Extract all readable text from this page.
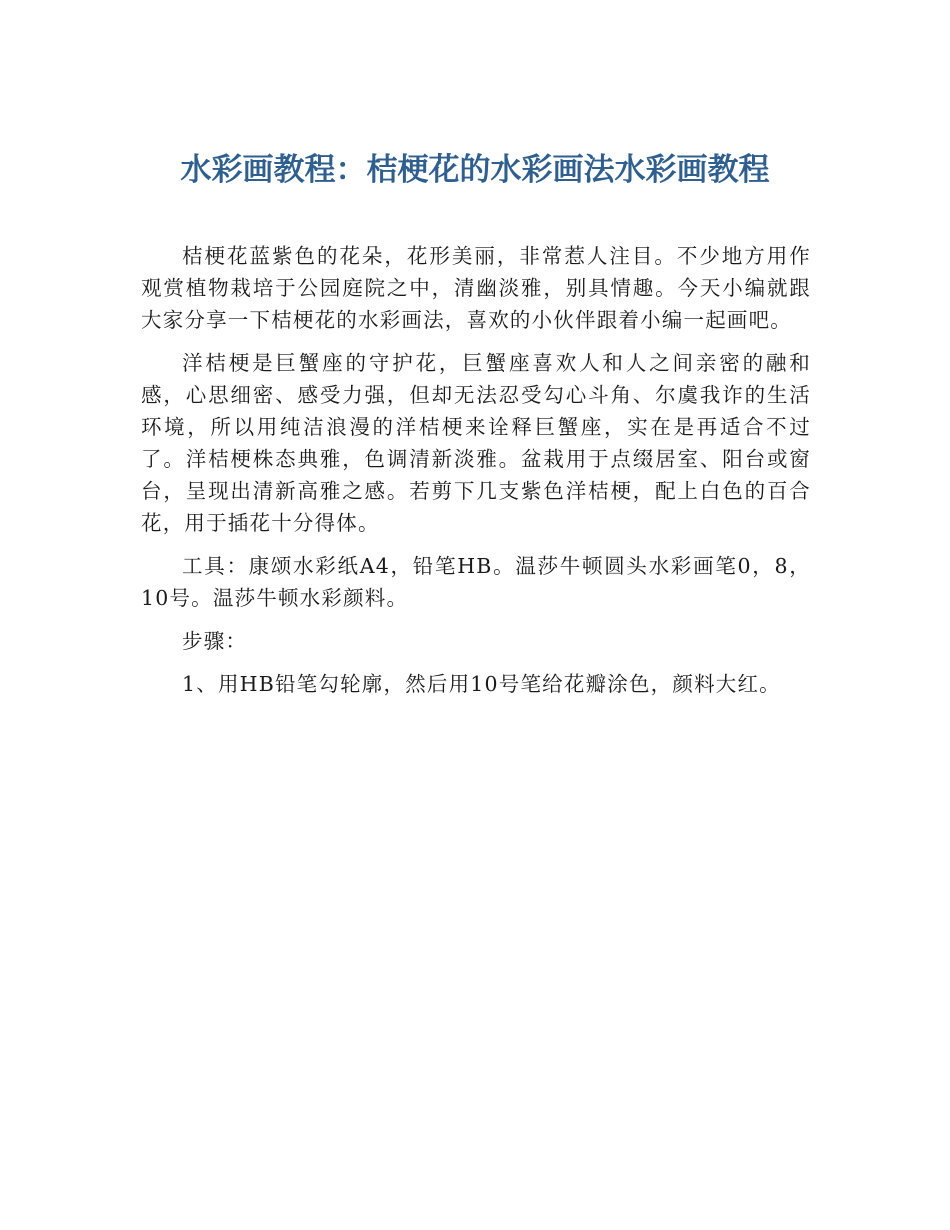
水彩画教程：桔梗花的水彩画法水彩画教程

桔梗花蓝紫色的花朵，花形美丽，非常惹人注目。不少地方用作观赏植物栽培于公园庭院之中，清幽淡雅，别具情趣。今天小编就跟大家分享一下桔梗花的水彩画法，喜欢的小伙伴跟着小编一起画吧。

洋桔梗是巨蟹座的守护花，巨蟹座喜欢人和人之间亲密的融和感，心思细密、感受力强，但却无法忍受勾心斗角、尔虞我诈的生活环境，所以用纯洁浪漫的洋桔梗来诠释巨蟹座，实在是再适合不过了。洋桔梗株态典雅，色调清新淡雅。盆栽用于点缀居室、阳台或窗台，呈现出清新高雅之感。若剪下几支紫色洋桔梗，配上白色的百合花，用于插花十分得体。

工具：康颂水彩纸A4，铅笔HB。温莎牛顿圆头水彩画笔0，8，10号。温莎牛顿水彩颜料。

步骤：

1、用HB铅笔勾轮廓，然后用10号笔给花瓣涂色，颜料大红。
